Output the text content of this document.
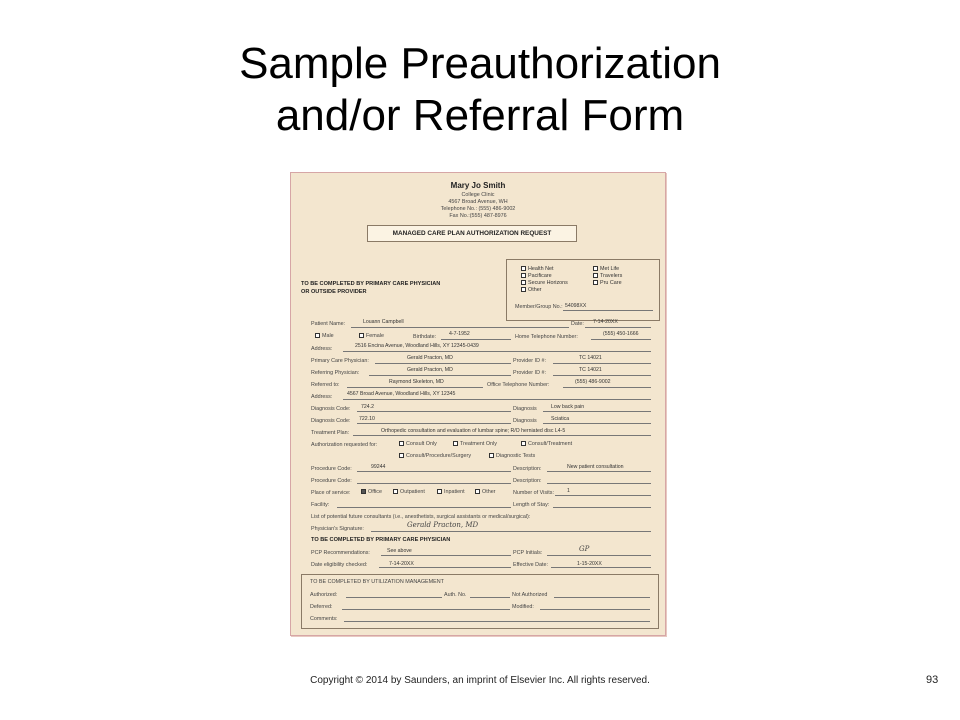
Sample Preauthorization
and/or Referral Form
Mary Jo Smith
College Clinic
4567 Broad Avenue, WH
Telephone No.: (555) 486-9002
Fax No.:(555) 487-8976
MANAGED CARE PLAN AUTHORIZATION REQUEST
TO BE COMPLETED BY PRIMARY CARE PHYSICIAN
OR OUTSIDE PROVIDER
Health Net	Met Life
Pacificare	Travelers
Secure Horizons	Pru Care
Other
Member/Group No.: 54098XX
Patient Name:	Louann Campbell	Date: 7-14-20XX
Male	Female	Birthdate: 4-7-1952	Home Telephone Number:	(555) 450-1666
Address:	2516 Encina Avenue, Woodland Hills, XY 12345-0439
Primary Care Physician:	Gerald Practon, MD	Provider ID #:	TC 14021
Referring Physician:	Gerald Practon, MD	Provider ID #:	TC 14021
Referred to:	Raymond Skeleton, MD	Office Telephone Number:	(555) 486-9002
Address:	4567 Broad Avenue, Woodland Hills, XY 12345
Diagnosis Code: 724.2	Diagnosis	Low back pain
Diagnosis Code: 722.10	Diagnosis	Sciatica
Treatment Plan:	Orthopedic consultation and evaluation of lumbar spine; R/O herniated disc L4-5
Authorization requested for:	Consult Only	Treatment Only	Consult/Treatment
Consult/Procedure/Surgery	Diagnostic Tests
Procedure Code:	99244	Description:	New patient consultation
Procedure Code:	Description:
Place of service:	Office	Outpatient	Inpatient	Other	Number of Visits:	1
Facility:	Length of Stay:
List of potential future consultants (i.e., anesthetists, surgical assistants or medical/surgical):
Physician's Signature:	Gerald Practon, MD
TO BE COMPLETED BY PRIMARY CARE PHYSICIAN
PCP Recommendations:	See above	PCP Initials:	GP
Date eligibility checked:	7-14-20XX	Effective Date:	1-15-20XX
TO BE COMPLETED BY UTILIZATION MANAGEMENT
Authorized:	Auth. No.	Not Authorized
Deferred:	Modified:
Comments:
Copyright © 2014 by Saunders, an imprint of Elsevier Inc. All rights reserved.	93
